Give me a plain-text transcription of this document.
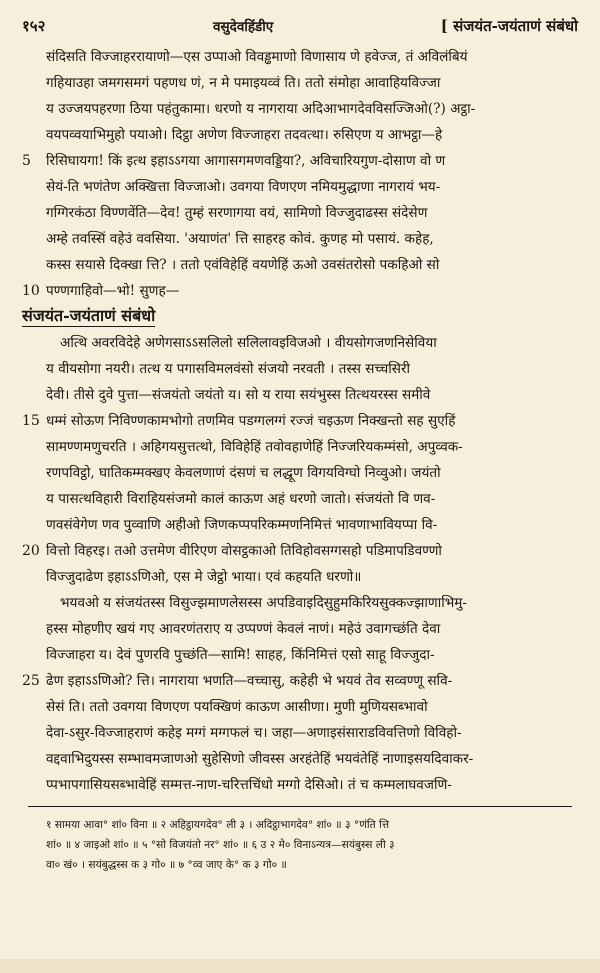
१५२	वसुदेवहिंडीए	[ संजयंत-जयंताणं संबंधो
संदिसति विज्जाहररायाणो—एस उप्पाओ विवड्ढमाणो विणासाय णे हवेज्ज, तं अविलंबियं
गहियाउहा जमगसमगं पहणध णं, न मे पमाइयव्वं ति। ततो संमोहा आवाहियविज्जा
य उज्जयपहरणा ठिया पहंतुकामा। धरणो य नागराया अदिआभागदेवविसज्जिओ(?) अट्ठा-
वयपव्वयाभिमुहो पयाओ। दिट्ठा अणेण विज्जाहरा तदवत्था। रुसिएण य आभट्ठा—हे
5	रिसिघायगा! किं इत्थ इहाऽऽगया आगासगमणवड्डिया?, अविचारियगुण-दोसाण वो ण
सेयं-ति भणंतेण अक्खित्ता विज्जाओ। उवगया विणएण नमियमुद्धाणा नागरायं भय-
गग्गिरकंठा विण्णवेंति—देव! तुम्हं सरणागया वयं, सामिणो विज्जुदाढस्स संदेसेण
अम्हे तवस्सिं वहेउं ववसिया. 'अयाणंत' त्ति साहरह कोवं. कुणह मो पसायं. कहेह,
कस्स सयासे दिक्खा त्ति? । ततो एवंविहेहिं वयणेहिं ऊओ उवसंतरोसो पकहिओ सो
10 पण्णगाहिवो—भो! सुणह—
संजयंत-जयंताणं संबंधो
अत्थि अवरविदेहे अणेगसाऽऽसलिलो सलिलावइविजओ । वीयसोगजणनिसेविया
य वीयसोगा नयरी। तत्थ य पगासविमलवंसो संजयो नरवती । तस्स सच्चसिरी
देवी। तीसे दुवे पुत्ता—संजयंतो जयंतो य। सो य राया सयंभुस्स तित्थयरस्स समीवे
15 धम्मं सोऊण निविण्णकामभोगो तणमिव पडग्गलग्गं रज्जं चइऊण निक्खन्तो सह सुएहिं
सामण्णमणुचरति । अहिगयसुत्तत्थो, विविहेहिं तवोवहाणेहिं निज्जरियकम्मंसो, अपुव्वक-
रणपविट्ठो, घातिकम्मक्खए केवलणाणं दंसणं च लद्धूण विगयविग्घो निव्वुओ। जयंतो
य पासत्थविहारी विराहियसंजमो कालं काऊण अहं धरणो जातो। संजयंतो वि णव-
णवसंवेगेण णव पुव्वाणि अहीओ जिणकप्पपरिकम्मणनिमित्तं भावणाभावियप्पा वि-
20 वित्तो विहरइ। तओ उत्तमेण वीरिएण वोसट्ठकाओ तिविहोवसग्गसहो पडिमापडिवण्णो
विज्जुदाढेण इहाऽऽणिओ, एस मे जेट्ठो भाया। एवं कहयति धरणो॥
भयवओ य संजयंतस्स विसुज्झमाणलेसस्स अपडिवाइदिसुहुमकिरियसुक्कज्झाणाभिमु-
हस्स मोहणीए खयं गए आवरणंतराए य उप्पण्णं केवलं नाणं। महेउं उवागच्छंति देवा
विज्जाहरा य। देवं पुणरवि पुच्छंति—सामि! साहह, किंनिमित्तं एसो साहू विज्जुदा-
25 ढेण इहाऽऽणिओ? त्ति। नागराया भणति—वच्चासु, कहेही भे भयवं तेव सव्वण्णू सवि-
सेसं ति। ततो उवगया विणएण पयक्खिणं काऊण आसीणा। मुणी मुणियसब्भावो
देवा-ऽसुर-विज्जाहराणं कहेइ मग्गं मग्गफलं च। जहा—अणाइसंसाराडविवत्तिणो विविहो-
वद्दवाभिदुयस्स सम्भावमजाणओ सुहेसिणो जीवस्स अरहंतेहिं भयवंतेहिं नाणाइसयदिवाकर-
प्पभापगासियसब्भावेहिं सम्मत्त-नाण-चरित्तचिंधो मग्गो देसिओ। तं च कम्मलाघवजणि-
१ सामया आवा° शां० विना ॥ २ अहिट्ठायगदेव° ली ३ । अदिट्ठाभागदेव° शां० ॥ ३ °णंति त्ति
शां० ॥ ४ जाइओ शां० ॥ ५ °सो विजयंतो नर° शां० ॥ ६ उ २ मे० विनाऽन्यत्र—सयंबुस्स ली ३
वा० खं० । सयंबुद्धस्स क ३ गो० ॥ ७ °व्व जाए के° क ३ गो० ॥
